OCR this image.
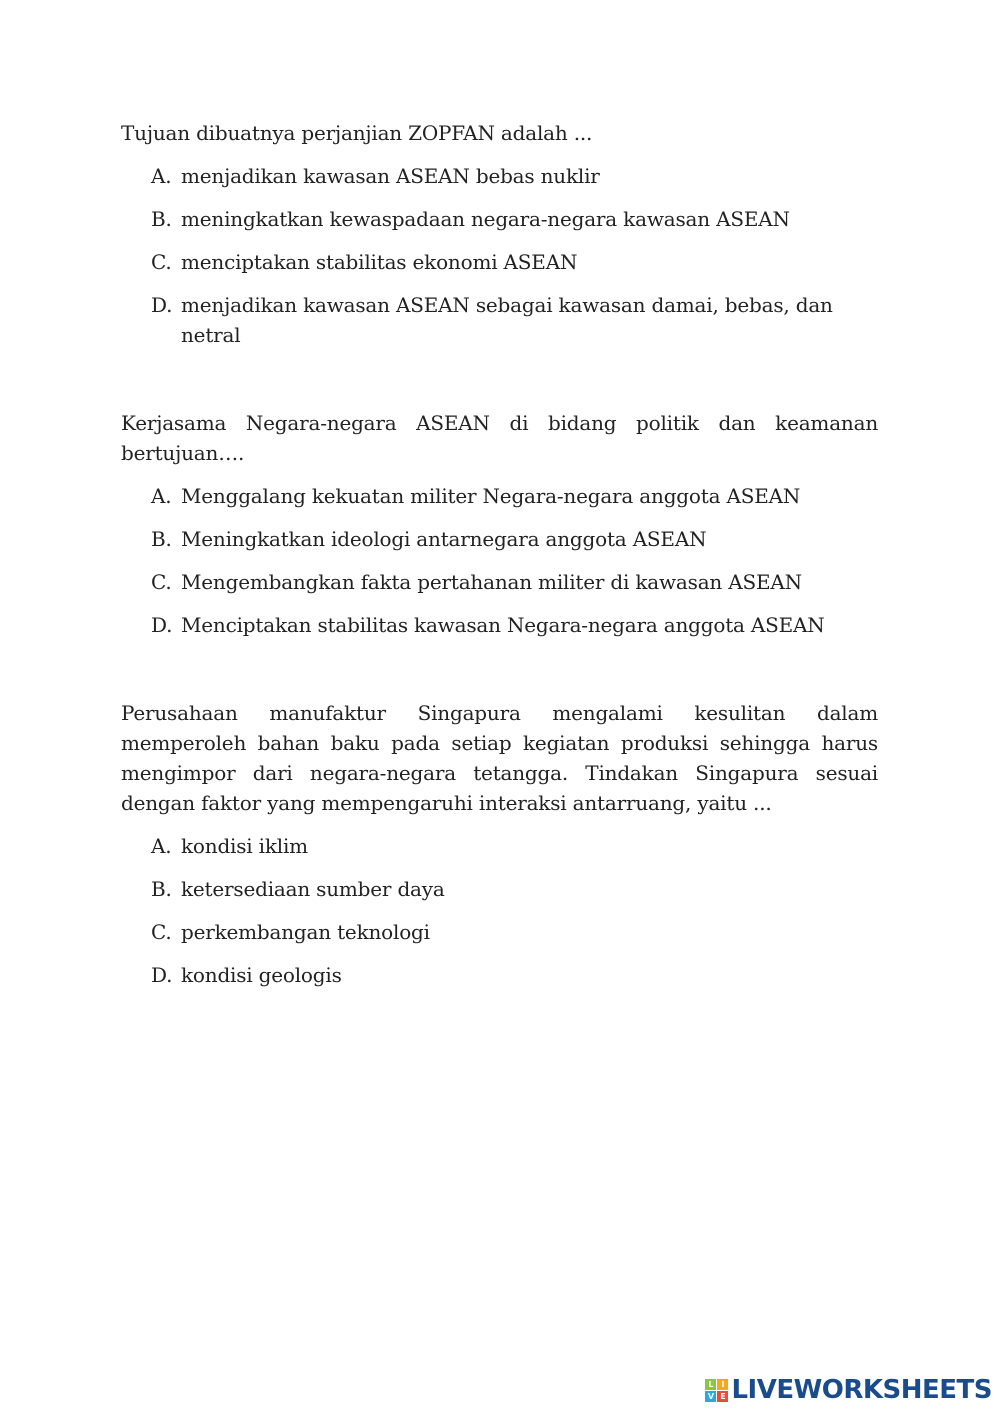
Tujuan dibuatnya perjanjian ZOPFAN adalah ...

A. menjadikan kawasan ASEAN bebas nuklir
B. meningkatkan kewaspadaan negara-negara kawasan ASEAN
C. menciptakan stabilitas ekonomi ASEAN
D. menjadikan kawasan ASEAN sebagai kawasan damai, bebas, dan netral

Kerjasama Negara-negara ASEAN di bidang politik dan keamanan bertujuan….

A. Menggalang kekuatan militer Negara-negara anggota ASEAN
B. Meningkatkan ideologi antarnegara anggota ASEAN
C. Mengembangkan fakta pertahanan militer di kawasan ASEAN
D. Menciptakan stabilitas kawasan Negara-negara anggota ASEAN

Perusahaan manufaktur Singapura mengalami kesulitan dalam memperoleh bahan baku pada setiap kegiatan produksi sehingga harus mengimpor dari negara-negara tetangga. Tindakan Singapura sesuai dengan faktor yang mempengaruhi interaksi antarruang, yaitu ...

A. kondisi iklim
B. ketersediaan sumber daya
C. perkembangan teknologi
D. kondisi geologis
L I
V E LIVEWORKSHEETS
